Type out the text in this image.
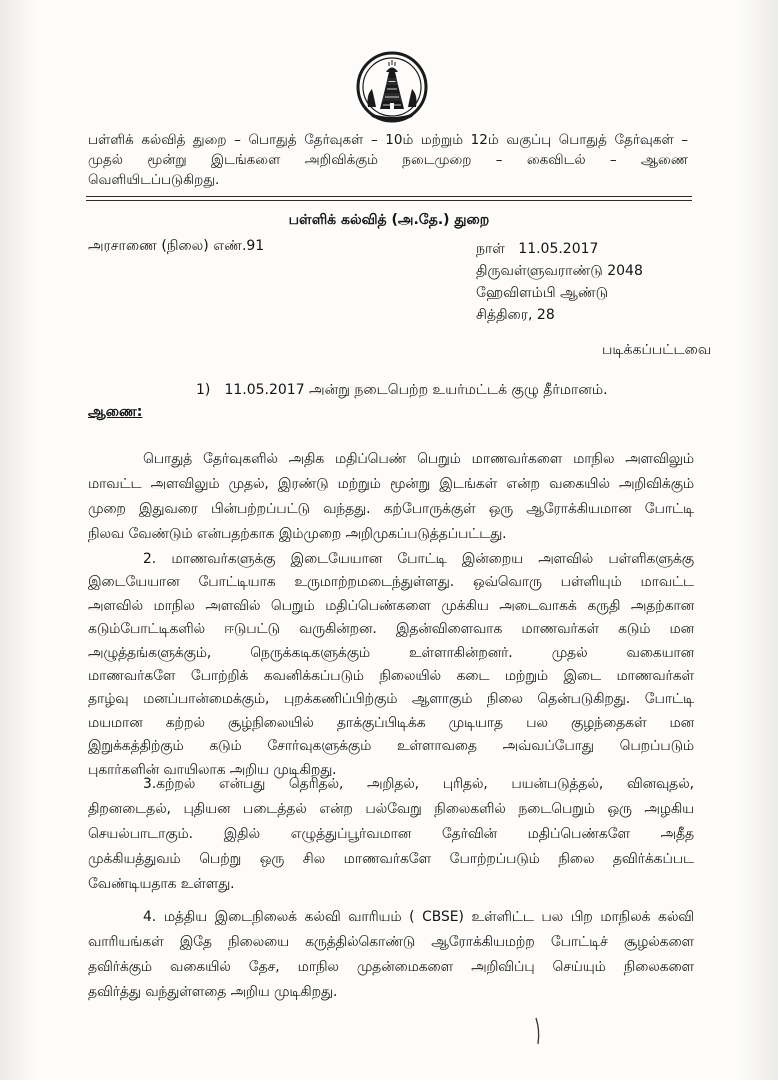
பள்ளிக் கல்வித் துறை – பொதுத் தேர்வுகள் – 10ம் மற்றும் 12ம் வகுப்பு பொதுத் தேர்வுகள் –
முதல் மூன்று இடங்களை அறிவிக்கும் நடைமுறை – கைவிடல் – ஆணை
வெளியிடப்படுகிறது.
பள்ளிக் கல்வித் (அ.தே.) துறை
அரசாணை (நிலை) எண்.91	நாள்   11.05.2017
திருவள்ளுவராண்டு 2048
ஹேவிளம்பி ஆண்டு
சித்திரை, 28
படிக்கப்பட்டவை
1) 11.05.2017 அன்று நடைபெற்ற உயர்மட்டக் குழு தீர்மானம்.
ஆணை:
பொதுத் தேர்வுகளில் அதிக மதிப்பெண் பெறும் மாணவர்களை மாநில அளவிலும்
மாவட்ட அளவிலும் முதல், இரண்டு மற்றும் மூன்று இடங்கள் என்ற வகையில் அறிவிக்கும்
முறை இதுவரை பின்பற்றப்பட்டு வந்தது. கற்போருக்குள் ஒரு ஆரோக்கியமான போட்டி
நிலவ வேண்டும் என்பதற்காக இம்முறை அறிமுகப்படுத்தப்பட்டது.
2. மாணவர்களுக்கு இடையேயான போட்டி இன்றைய அளவில் பள்ளிகளுக்கு
இடையேயான போட்டியாக உருமாற்றமடைந்துள்ளது. ஒவ்வொரு பள்ளியும் மாவட்ட
அளவில் மாநில அளவில் பெறும் மதிப்பெண்களை முக்கிய அடைவாகக் கருதி அதற்கான
கடும்போட்டிகளில் ஈடுபட்டு வருகின்றன. இதன்விளைவாக மாணவர்கள் கடும் மன
அழுத்தங்களுக்கும், நெருக்கடிகளுக்கும் உள்ளாகின்றனர். முதல் வகையான
மாணவர்களே போற்றிக் கவனிக்கப்படும் நிலையில் கடை மற்றும் இடை மாணவர்கள்
தாழ்வு மனப்பான்மைக்கும், புறக்கணிப்பிற்கும் ஆளாகும் நிலை தென்படுகிறது. போட்டி
மயமான கற்றல் சூழ்நிலையில் தாக்குப்பிடிக்க முடியாத பல குழந்தைகள் மன
இறுக்கத்திற்கும் கடும் சோர்வுகளுக்கும் உள்ளாவதை அவ்வப்போது பெறப்படும்
புகார்களின் வாயிலாக அறிய முடிகிறது.
3.கற்றல் என்பது தெரிதல், அறிதல், புரிதல், பயன்படுத்தல், வினவுதல்,
திறனடைதல், புதியன படைத்தல் என்ற பல்வேறு நிலைகளில் நடைபெறும் ஒரு அழகிய
செயல்பாடாகும். இதில் எழுத்துப்பூர்வமான தேர்வின் மதிப்பெண்களே அதீத
முக்கியத்துவம் பெற்று ஒரு சில மாணவர்களே போற்றப்படும் நிலை தவிர்க்கப்பட
வேண்டியதாக உள்ளது.
4. மத்திய இடைநிலைக் கல்வி வாரியம் ( CBSE) உள்ளிட்ட பல பிற மாநிலக் கல்வி
வாரியங்கள் இதே நிலையை கருத்தில்கொண்டு ஆரோக்கியமற்ற போட்டிச் சூழல்களை
தவிர்க்கும் வகையில் தேச, மாநில முதன்மைகளை அறிவிப்பு செய்யும் நிலைகளை
தவிர்த்து வந்துள்ளதை அறிய முடிகிறது.
